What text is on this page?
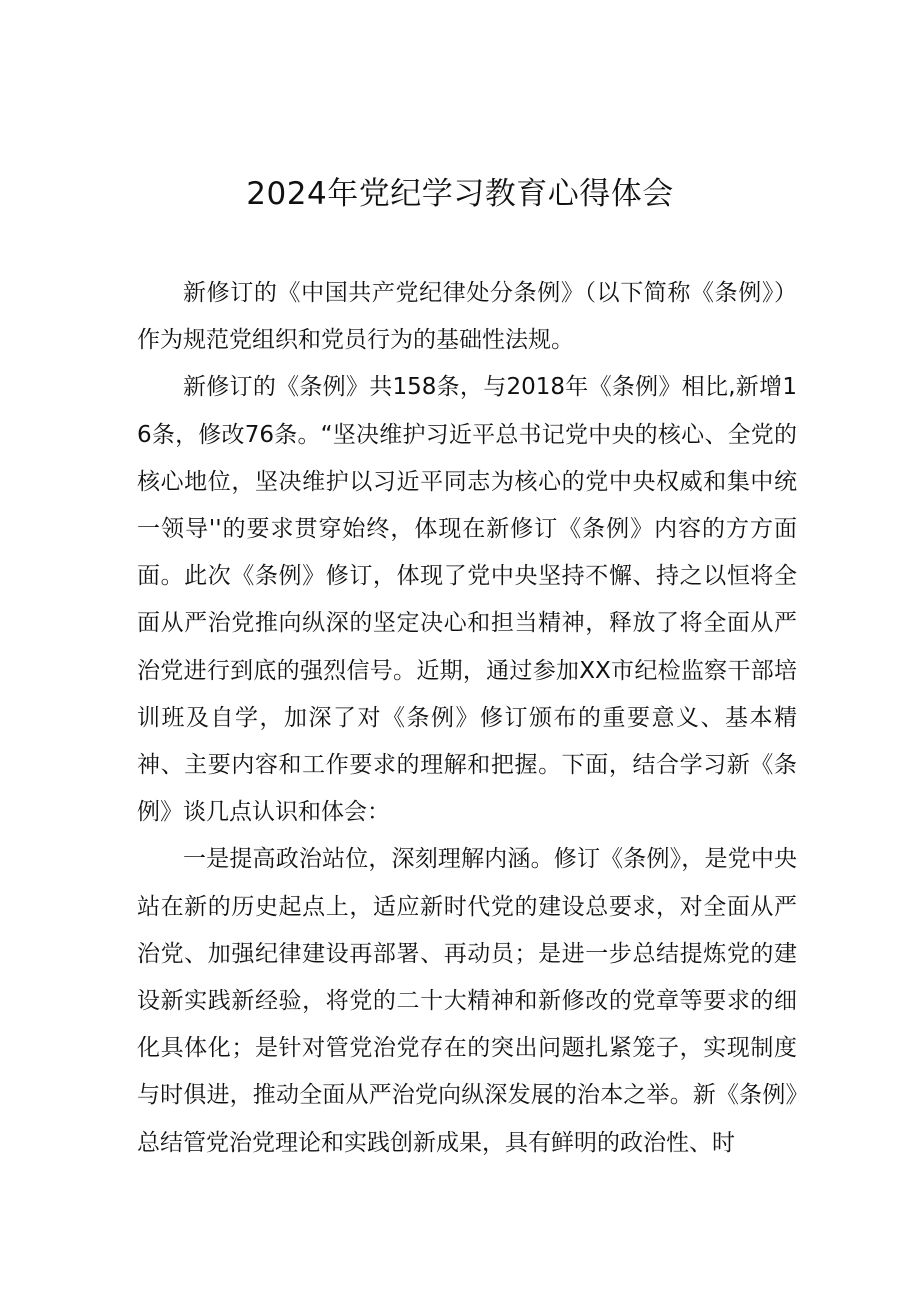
2024年党纪学习教育心得体会

新修订的《中国共产党纪律处分条例》（以下简称《条例》）作为规范党组织和党员行为的基础性法规。

新修订的《条例》共158条，与2018年《条例》相比,新增16条，修改76条。“坚决维护习近平总书记党中央的核心、全党的核心地位，坚决维护以习近平同志为核心的党中央权威和集中统一领导''的要求贯穿始终，体现在新修订《条例》内容的方方面面。此次《条例》修订，体现了党中央坚持不懈、持之以恒将全面从严治党推向纵深的坚定决心和担当精神，释放了将全面从严治党进行到底的强烈信号。近期，通过参加XX市纪检监察干部培训班及自学，加深了对《条例》修订颁布的重要意义、基本精神、主要内容和工作要求的理解和把握。下面，结合学习新《条例》谈几点认识和体会：

一是提高政治站位，深刻理解内涵。修订《条例》，是党中央站在新的历史起点上，适应新时代党的建设总要求，对全面从严治党、加强纪律建设再部署、再动员；是进一步总结提炼党的建设新实践新经验，将党的二十大精神和新修改的党章等要求的细化具体化；是针对管党治党存在的突出问题扎紧笼子，实现制度与时俱进，推动全面从严治党向纵深发展的治本之举。新《条例》总结管党治党理论和实践创新成果，具有鲜明的政治性、时
